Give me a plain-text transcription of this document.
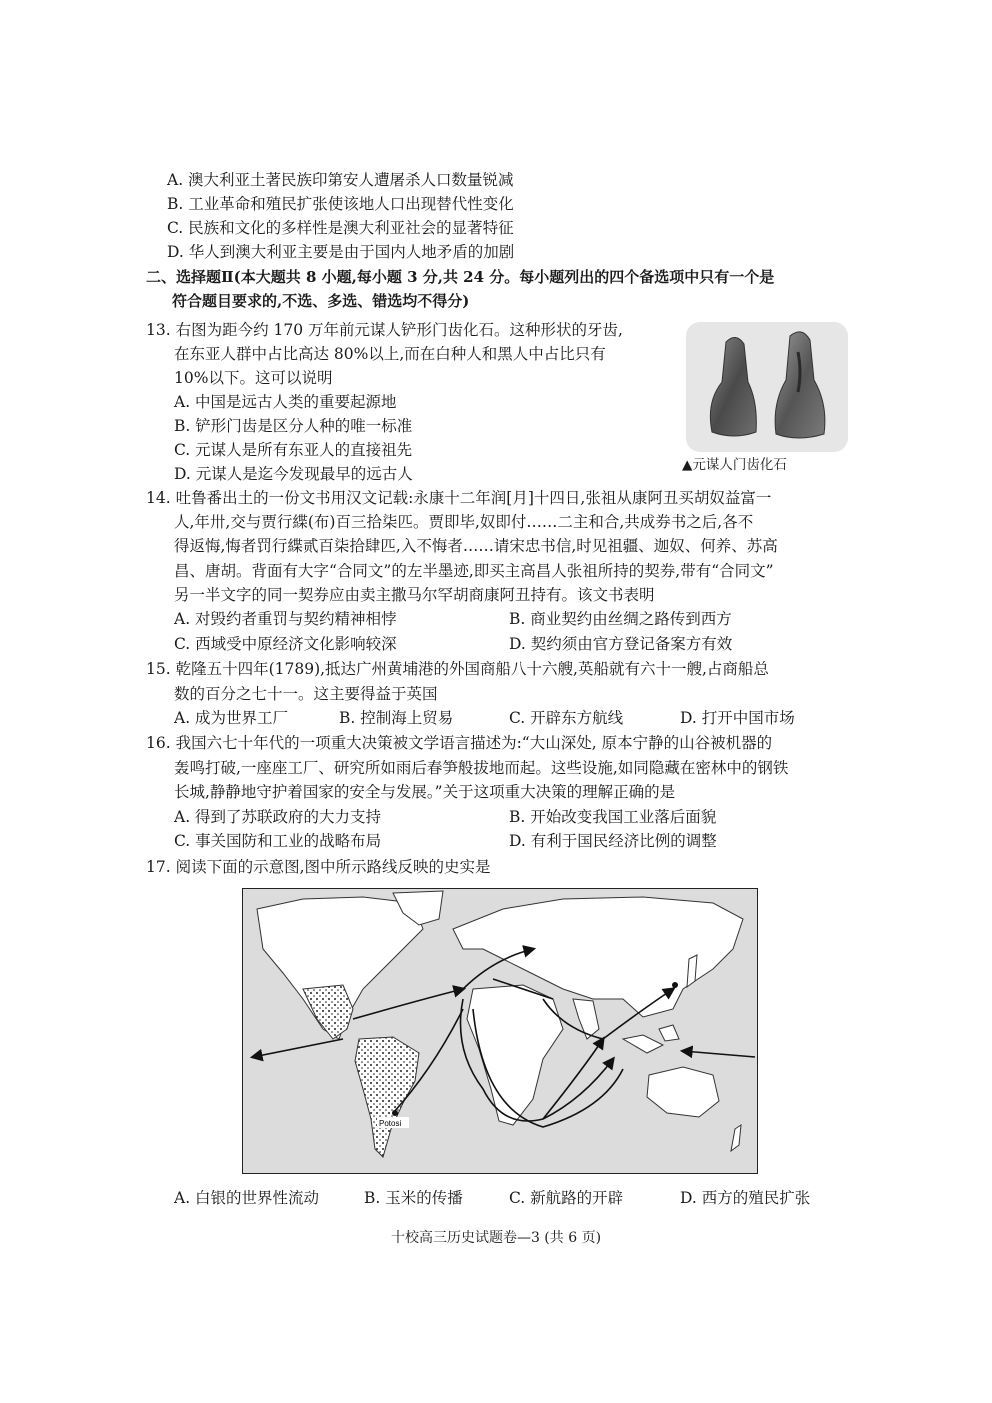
A. 澳大利亚土著民族印第安人遭屠杀人口数量锐减
B. 工业革命和殖民扩张使该地人口出现替代性变化
C. 民族和文化的多样性是澳大利亚社会的显著特征
D. 华人到澳大利亚主要是由于国内人地矛盾的加剧
二、选择题Ⅱ(本大题共 8 小题,每小题 3 分,共 24 分。每小题列出的四个备选项中只有一个是
符合题目要求的,不选、多选、错选均不得分)
13. 右图为距今约 170 万年前元谋人铲形门齿化石。这种形状的牙齿,
在东亚人群中占比高达 80%以上,而在白种人和黑人中占比只有
10%以下。这可以说明
A. 中国是远古人类的重要起源地
B. 铲形门齿是区分人种的唯一标准
C. 元谋人是所有东亚人的直接祖先
D. 元谋人是迄今发现最早的远古人	▲元谋人门齿化石
14. 吐鲁番出土的一份文书用汉文记载:永康十二年润[月]十四日,张祖从康阿丑买胡奴益富一
人,年卅,交与贾行緤(布)百三拾柒匹。贾即毕,奴即付……二主和合,共成券书之后,各不
得返悔,悔者罚行緤贰百柒拾肆匹,入不悔者……请宋忠书信,时见祖疆、迦奴、何养、苏高
昌、唐胡。背面有大字“合同文”的左半墨迹,即买主高昌人张祖所持的契券,带有“合同文”
另一半文字的同一契券应由卖主撒马尔罕胡商康阿丑持有。该文书表明
A. 对毁约者重罚与契约精神相悖	B. 商业契约由丝绸之路传到西方
C. 西域受中原经济文化影响较深	D. 契约须由官方登记备案方有效
15. 乾隆五十四年(1789),抵达广州黄埔港的外国商船八十六艘,英船就有六十一艘,占商船总
数的百分之七十一。这主要得益于英国
A. 成为世界工厂	B. 控制海上贸易	C. 开辟东方航线	D. 打开中国市场
16. 我国六七十年代的一项重大决策被文学语言描述为:“大山深处, 原本宁静的山谷被机器的
轰鸣打破,一座座工厂、研究所如雨后春笋般拔地而起。这些设施,如同隐藏在密林中的钢铁
长城,静静地守护着国家的安全与发展。”关于这项重大决策的理解正确的是
A. 得到了苏联政府的大力支持	B. 开始改变我国工业落后面貌
C. 事关国防和工业的战略布局	D. 有利于国民经济比例的调整
17. 阅读下面的示意图,图中所示路线反映的史实是
Potosi
A. 白银的世界性流动	B. 玉米的传播	C. 新航路的开辟	D. 西方的殖民扩张
十校高三历史试题卷—3 (共 6 页)
